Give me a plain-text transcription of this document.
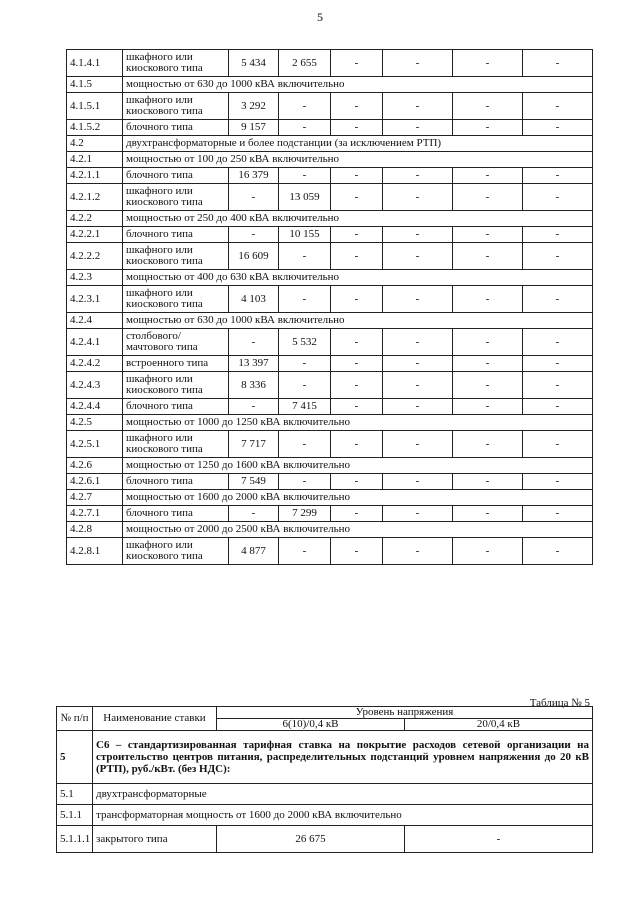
5
4.1.4.1	шкафного или киоскового типа	5 434	2 655	-	-	-	-
4.1.5	мощностью от 630 до 1000 кВА включительно						
4.1.5.1	шкафного или киоскового типа	3 292	-	-	-	-	-
4.1.5.2	блочного типа	9 157	-	-	-	-	-
4.2	двухтрансформаторные и более подстанции (за исключением РТП)						
4.2.1	мощностью от 100 до 250 кВА включительно						
4.2.1.1	блочного типа	16 379	-	-	-	-	-
4.2.1.2	шкафного или киоскового типа	-	13 059	-	-	-	-
4.2.2	мощностью от 250 до 400 кВА включительно						
4.2.2.1	блочного типа	-	10 155	-	-	-	-
4.2.2.2	шкафного или киоскового типа	16 609	-	-	-	-	-
4.2.3	мощностью от 400 до 630 кВА включительно						
4.2.3.1	шкафного или киоскового типа	4 103	-	-	-	-	-
4.2.4	мощностью от 630 до 1000 кВА включительно						
4.2.4.1	столбового/ мачтового типа	-	5 532	-	-	-	-
4.2.4.2	встроенного типа	13 397	-	-	-	-	-
4.2.4.3	шкафного или киоскового типа	8 336	-	-	-	-	-
4.2.4.4	блочного типа	-	7 415	-	-	-	-
4.2.5	мощностью от 1000 до 1250 кВА включительно						
4.2.5.1	шкафного или киоскового типа	7 717	-	-	-	-	-
4.2.6	мощностью от 1250 до 1600 кВА включительно						
4.2.6.1	блочного типа	7 549	-	-	-	-	-
4.2.7	мощностью от 1600 до 2000 кВА включительно						
4.2.7.1	блочного типа	-	7 299	-	-	-	-
4.2.8	мощностью от 2000 до 2500 кВА включительно						
4.2.8.1	шкафного или киоскового типа	4 877	-	-	-	-	-
Таблица № 5
№ п/п	Наименование ставки	Уровень напряжения	
		6(10)/0,4 кВ	20/0,4 кВ
5	С6 – стандартизированная тарифная ставка на покрытие расходов сетевой организации на строительство центров питания, распределительных подстанций уровнем напряжения до 20 кВ (РТП), руб./кВт. (без НДС):		
5.1	двухтрансформаторные		
5.1.1	трансформаторная мощность от 1600 до 2000 кВА включительно		
5.1.1.1	закрытого типа	26 675	-
